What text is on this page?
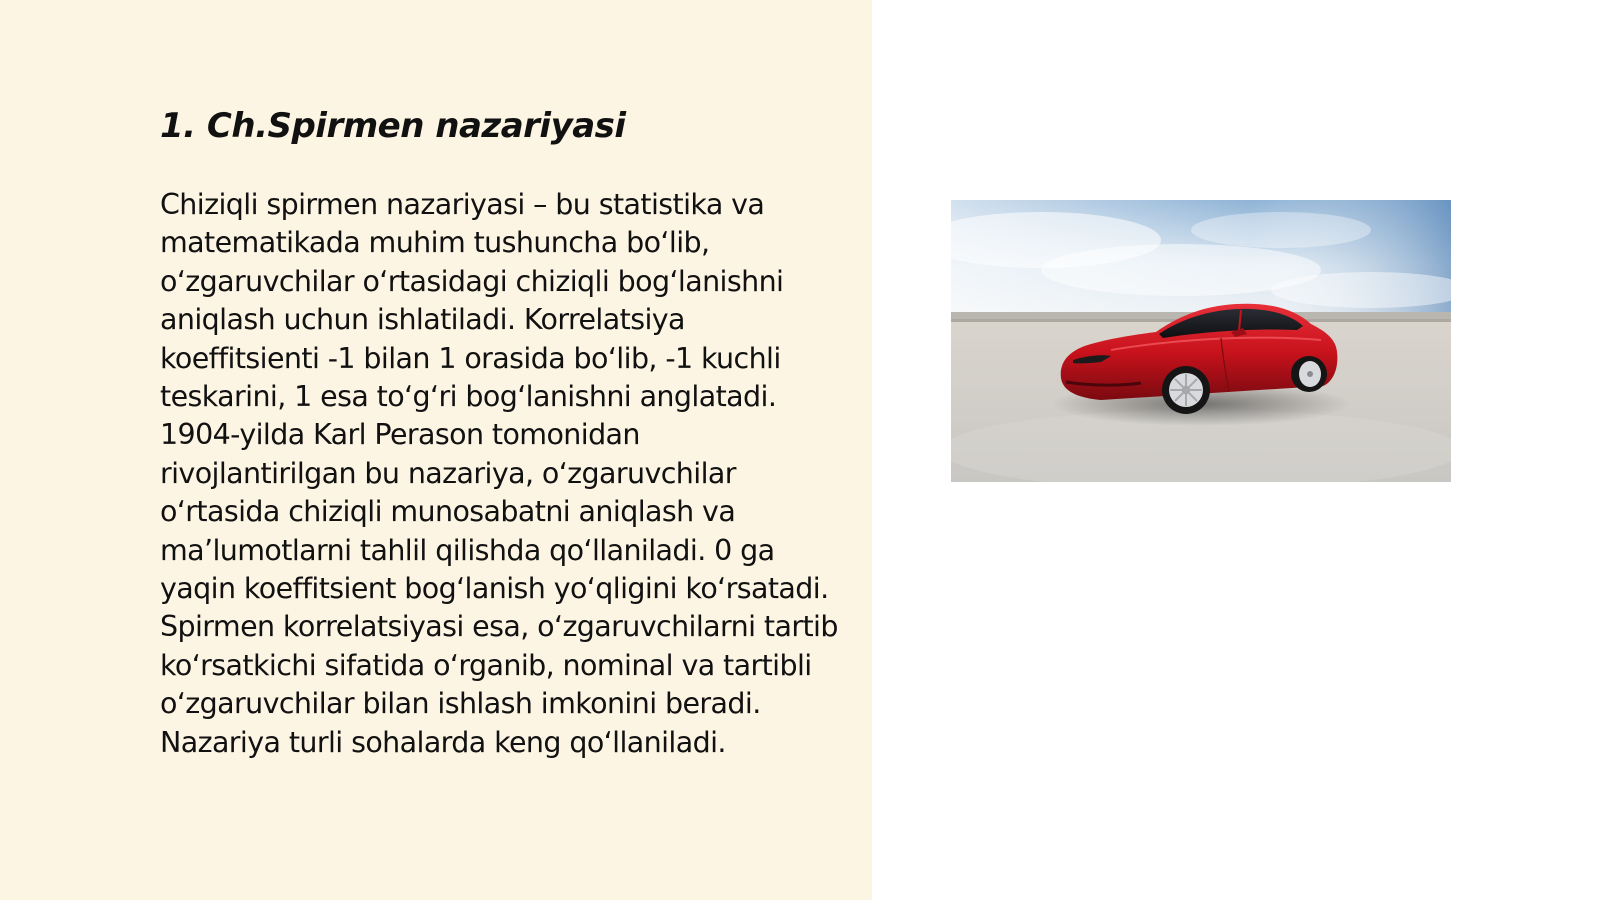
1. Ch.Spirmen nazariyasi

Chiziqli spirmen nazariyasi – bu statistika va matematikada muhim tushuncha boʻlib, oʻzgaruvchilar oʻrtasidagi chiziqli bogʻlanishni aniqlash uchun ishlatiladi. Korrelatsiya koeffitsienti -1 bilan 1 orasida boʻlib, -1 kuchli teskarini, 1 esa toʻgʻri bogʻlanishni anglatadi. 1904-yilda Karl Perason tomonidan rivojlantirilgan bu nazariya, oʻzgaruvchilar oʻrtasida chiziqli munosabatni aniqlash va maʼlumotlarni tahlil qilishda qoʻllaniladi. 0 ga yaqin koeffitsient bogʻlanish yoʻqligini koʻrsatadi. Spirmen korrelatsiyasi esa, oʻzgaruvchilarni tartib koʻrsatkichi sifatida oʻrganib, nominal va tartibli oʻzgaruvchilar bilan ishlash imkonini beradi. Nazariya turli sohalarda keng qoʻllaniladi.
